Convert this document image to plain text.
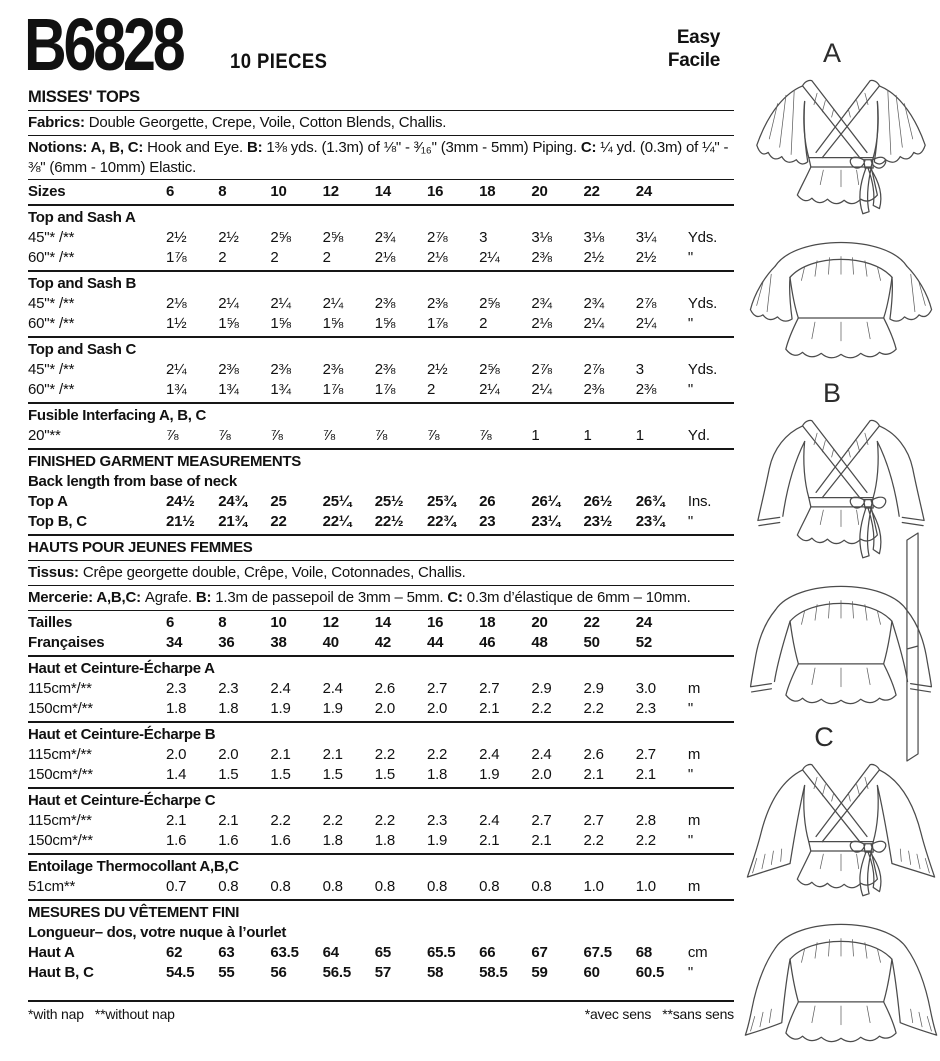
B6828	10 PIECES
Easy
Facile
MISSES' TOPS
Fabrics: Double Georgette, Crepe, Voile, Cotton Blends, Challis.
Notions: A, B, C: Hook and Eye. B: 1⅜ yds. (1.3m) of ⅛" - ³⁄₁₆" (3mm - 5mm) Piping. C: ¼ yd. (0.3m) of ¼" - ⅜" (6mm - 10mm) Elastic.
Sizes	6	8	10	12	14	16	18	20	22	24
Top and Sash A
45"* /**	2½	2½	2⅝	2⅝	2¾	2⅞	3	3⅛	3⅛	3¼	Yds.
60"* /**	1⅞	2	2	2	2⅛	2⅛	2¼	2⅜	2½	2½	"
Top and Sash B
45"* /**	2⅛	2¼	2¼	2¼	2⅜	2⅜	2⅝	2¾	2¾	2⅞	Yds.
60"* /**	1½	1⅝	1⅝	1⅝	1⅝	1⅞	2	2⅛	2¼	2¼	"
Top and Sash C
45"* /**	2¼	2⅜	2⅜	2⅜	2⅜	2½	2⅝	2⅞	2⅞	3	Yds.
60"* /**	1¾	1¾	1¾	1⅞	1⅞	2	2¼	2¼	2⅜	2⅜	"
Fusible Interfacing A, B, C
20"**	⅞	⅞	⅞	⅞	⅞	⅞	⅞	1	1	1	Yd.
FINISHED GARMENT MEASUREMENTS
Back length from base of neck
Top A	24½	24¾	25	25¼	25½	25¾	26	26¼	26½	26¾	Ins.
Top B, C	21½	21¾	22	22¼	22½	22¾	23	23¼	23½	23¾	"
HAUTS POUR JEUNES FEMMES
Tissus: Crêpe georgette double, Crêpe, Voile, Cotonnades, Challis.
Mercerie: A,B,C: Agrafe. B: 1.3m de passepoil de 3mm – 5mm. C: 0.3m d’élastique de 6mm – 10mm.
Tailles	6	8	10	12	14	16	18	20	22	24
Françaises	34	36	38	40	42	44	46	48	50	52
Haut et Ceinture-Écharpe A
115cm*/**	2.3	2.3	2.4	2.4	2.6	2.7	2.7	2.9	2.9	3.0	m
150cm*/**	1.8	1.8	1.9	1.9	2.0	2.0	2.1	2.2	2.2	2.3	"
Haut et Ceinture-Écharpe B
115cm*/**	2.0	2.0	2.1	2.1	2.2	2.2	2.4	2.4	2.6	2.7	m
150cm*/**	1.4	1.5	1.5	1.5	1.5	1.8	1.9	2.0	2.1	2.1	"
Haut et Ceinture-Écharpe C
115cm*/**	2.1	2.1	2.2	2.2	2.2	2.3	2.4	2.7	2.7	2.8	m
150cm*/**	1.6	1.6	1.6	1.8	1.8	1.9	2.1	2.1	2.2	2.2	"
Entoilage Thermocollant A,B,C
51cm**	0.7	0.8	0.8	0.8	0.8	0.8	0.8	0.8	1.0	1.0	m
MESURES DU VÊTEMENT FINI
Longueur– dos, votre nuque à l’ourlet
Haut A	62	63	63.5	64	65	65.5	66	67	67.5	68	cm
Haut B, C	54.5	55	56	56.5	57	58	58.5	59	60	60.5	"
*with nap   **without nap	*avec sens   **sans sens
A
B
C
